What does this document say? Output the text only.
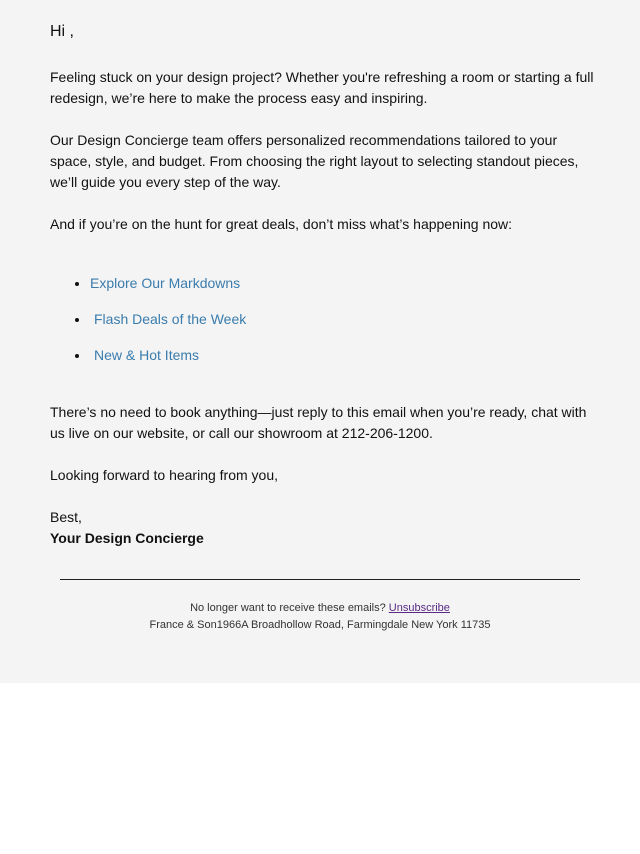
Hi ,

Feeling stuck on your design project? Whether you're refreshing a room or starting a full redesign, we’re here to make the process easy and inspiring.

Our Design Concierge team offers personalized recommendations tailored to your space, style, and budget. From choosing the right layout to selecting standout pieces, we’ll guide you every step of the way.

And if you’re on the hunt for great deals, don’t miss what’s happening now:

• Explore Our Markdowns
• Flash Deals of the Week
• New & Hot Items

There’s no need to book anything—just reply to this email when you’re ready, chat with us live on our website, or call our showroom at 212-206-1200.

Looking forward to hearing from you,

Best,
Your Design Concierge

No longer want to receive these emails? Unsubscribe
France & Son1966A Broadhollow Road, Farmingdale New York 11735
